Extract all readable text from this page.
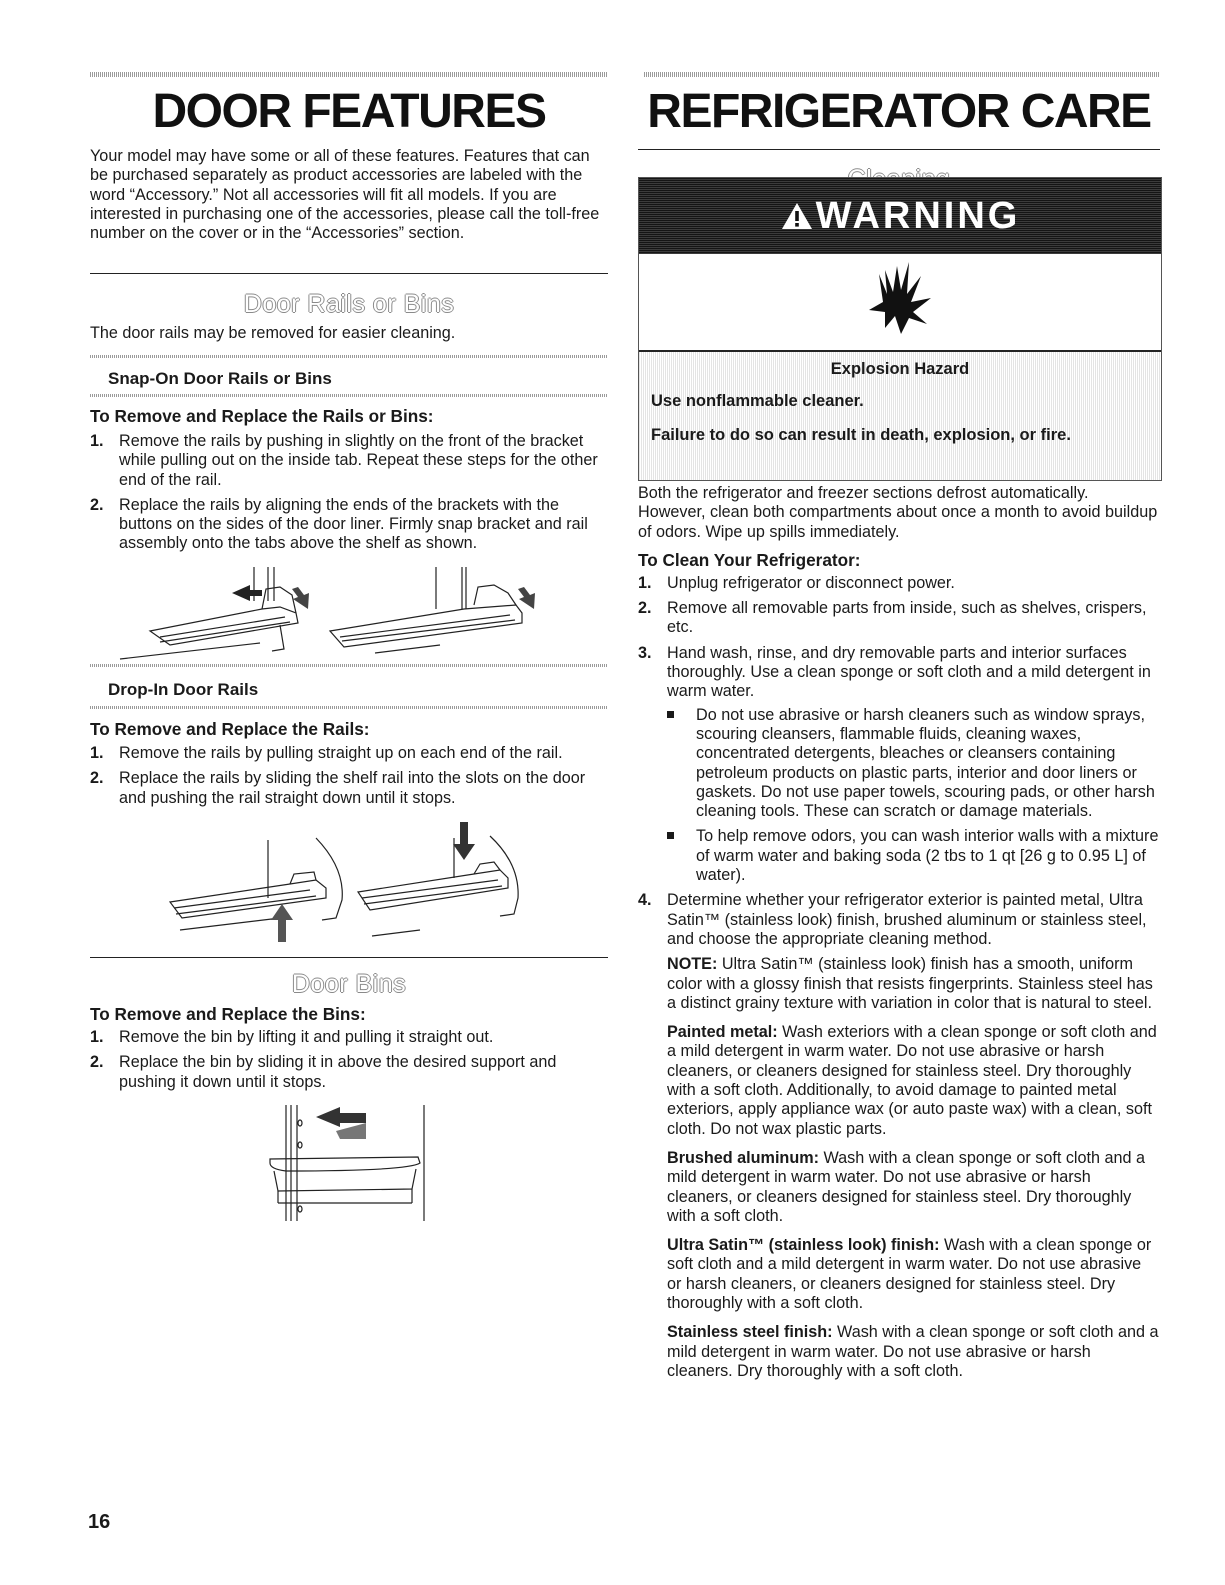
DOOR FEATURES

Your model may have some or all of these features. Features that can be purchased separately as product accessories are labeled with the word “Accessory.” Not all accessories will fit all models. If you are interested in purchasing one of the accessories, please call the toll-free number on the cover or in the “Accessories” section.

Door Rails or Bins

The door rails may be removed for easier cleaning.

Snap-On Door Rails or Bins
To Remove and Replace the Rails or Bins:
1. Remove the rails by pushing in slightly on the front of the bracket while pulling out on the inside tab. Repeat these steps for the other end of the rail.
2. Replace the rails by aligning the ends of the brackets with the buttons on the sides of the door liner. Firmly snap bracket and rail assembly onto the tabs above the shelf as shown.
Drop-In Door Rails
To Remove and Replace the Rails:
1. Remove the rails by pulling straight up on each end of the rail.
2. Replace the rails by sliding the shelf rail into the slots on the door and pushing the rail straight down until it stops.
Door Bins
To Remove and Replace the Bins:
1. Remove the bin by lifting it and pulling it straight out.
2. Replace the bin by sliding it in above the desired support and pushing it down until it stops.
REFRIGERATOR CARE
WARNING

Explosion Hazard

Use nonflammable cleaner.

Failure to do so can result in death, explosion, or fire.

Both the refrigerator and freezer sections defrost automatically. However, clean both compartments about once a month to avoid buildup of odors. Wipe up spills immediately.

To Clean Your Refrigerator:
1. Unplug refrigerator or disconnect power.
2. Remove all removable parts from inside, such as shelves, crispers, etc.
3. Hand wash, rinse, and dry removable parts and interior surfaces thoroughly. Use a clean sponge or soft cloth and a mild detergent in warm water.
Do not use abrasive or harsh cleaners such as window sprays, scouring cleansers, flammable fluids, cleaning waxes, concentrated detergents, bleaches or cleansers containing petroleum products on plastic parts, interior and door liners or gaskets. Do not use paper towels, scouring pads, or other harsh cleaning tools. These can scratch or damage materials.
To help remove odors, you can wash interior walls with a mixture of warm water and baking soda (2 tbs to 1 qt [26 g to 0.95 L] of water).
4. Determine whether your refrigerator exterior is painted metal, Ultra Satin™ (stainless look) finish, brushed aluminum or stainless steel, and choose the appropriate cleaning method.

NOTE: Ultra Satin™ (stainless look) finish has a smooth, uniform color with a glossy finish that resists fingerprints. Stainless steel has a distinct grainy texture with variation in color that is natural to steel.

Painted metal: Wash exteriors with a clean sponge or soft cloth and a mild detergent in warm water. Do not use abrasive or harsh cleaners, or cleaners designed for stainless steel. Dry thoroughly with a soft cloth. Additionally, to avoid damage to painted metal exteriors, apply appliance wax (or auto paste wax) with a clean, soft cloth. Do not wax plastic parts.

Brushed aluminum: Wash with a clean sponge or soft cloth and a mild detergent in warm water. Do not use abrasive or harsh cleaners, or cleaners designed for stainless steel. Dry thoroughly with a soft cloth.

Ultra Satin™ (stainless look) finish: Wash with a clean sponge or soft cloth and a mild detergent in warm water. Do not use abrasive or harsh cleaners, or cleaners designed for stainless steel. Dry thoroughly with a soft cloth.

Stainless steel finish: Wash with a clean sponge or soft cloth and a mild detergent in warm water. Do not use abrasive or harsh cleaners. Dry thoroughly with a soft cloth.

16
